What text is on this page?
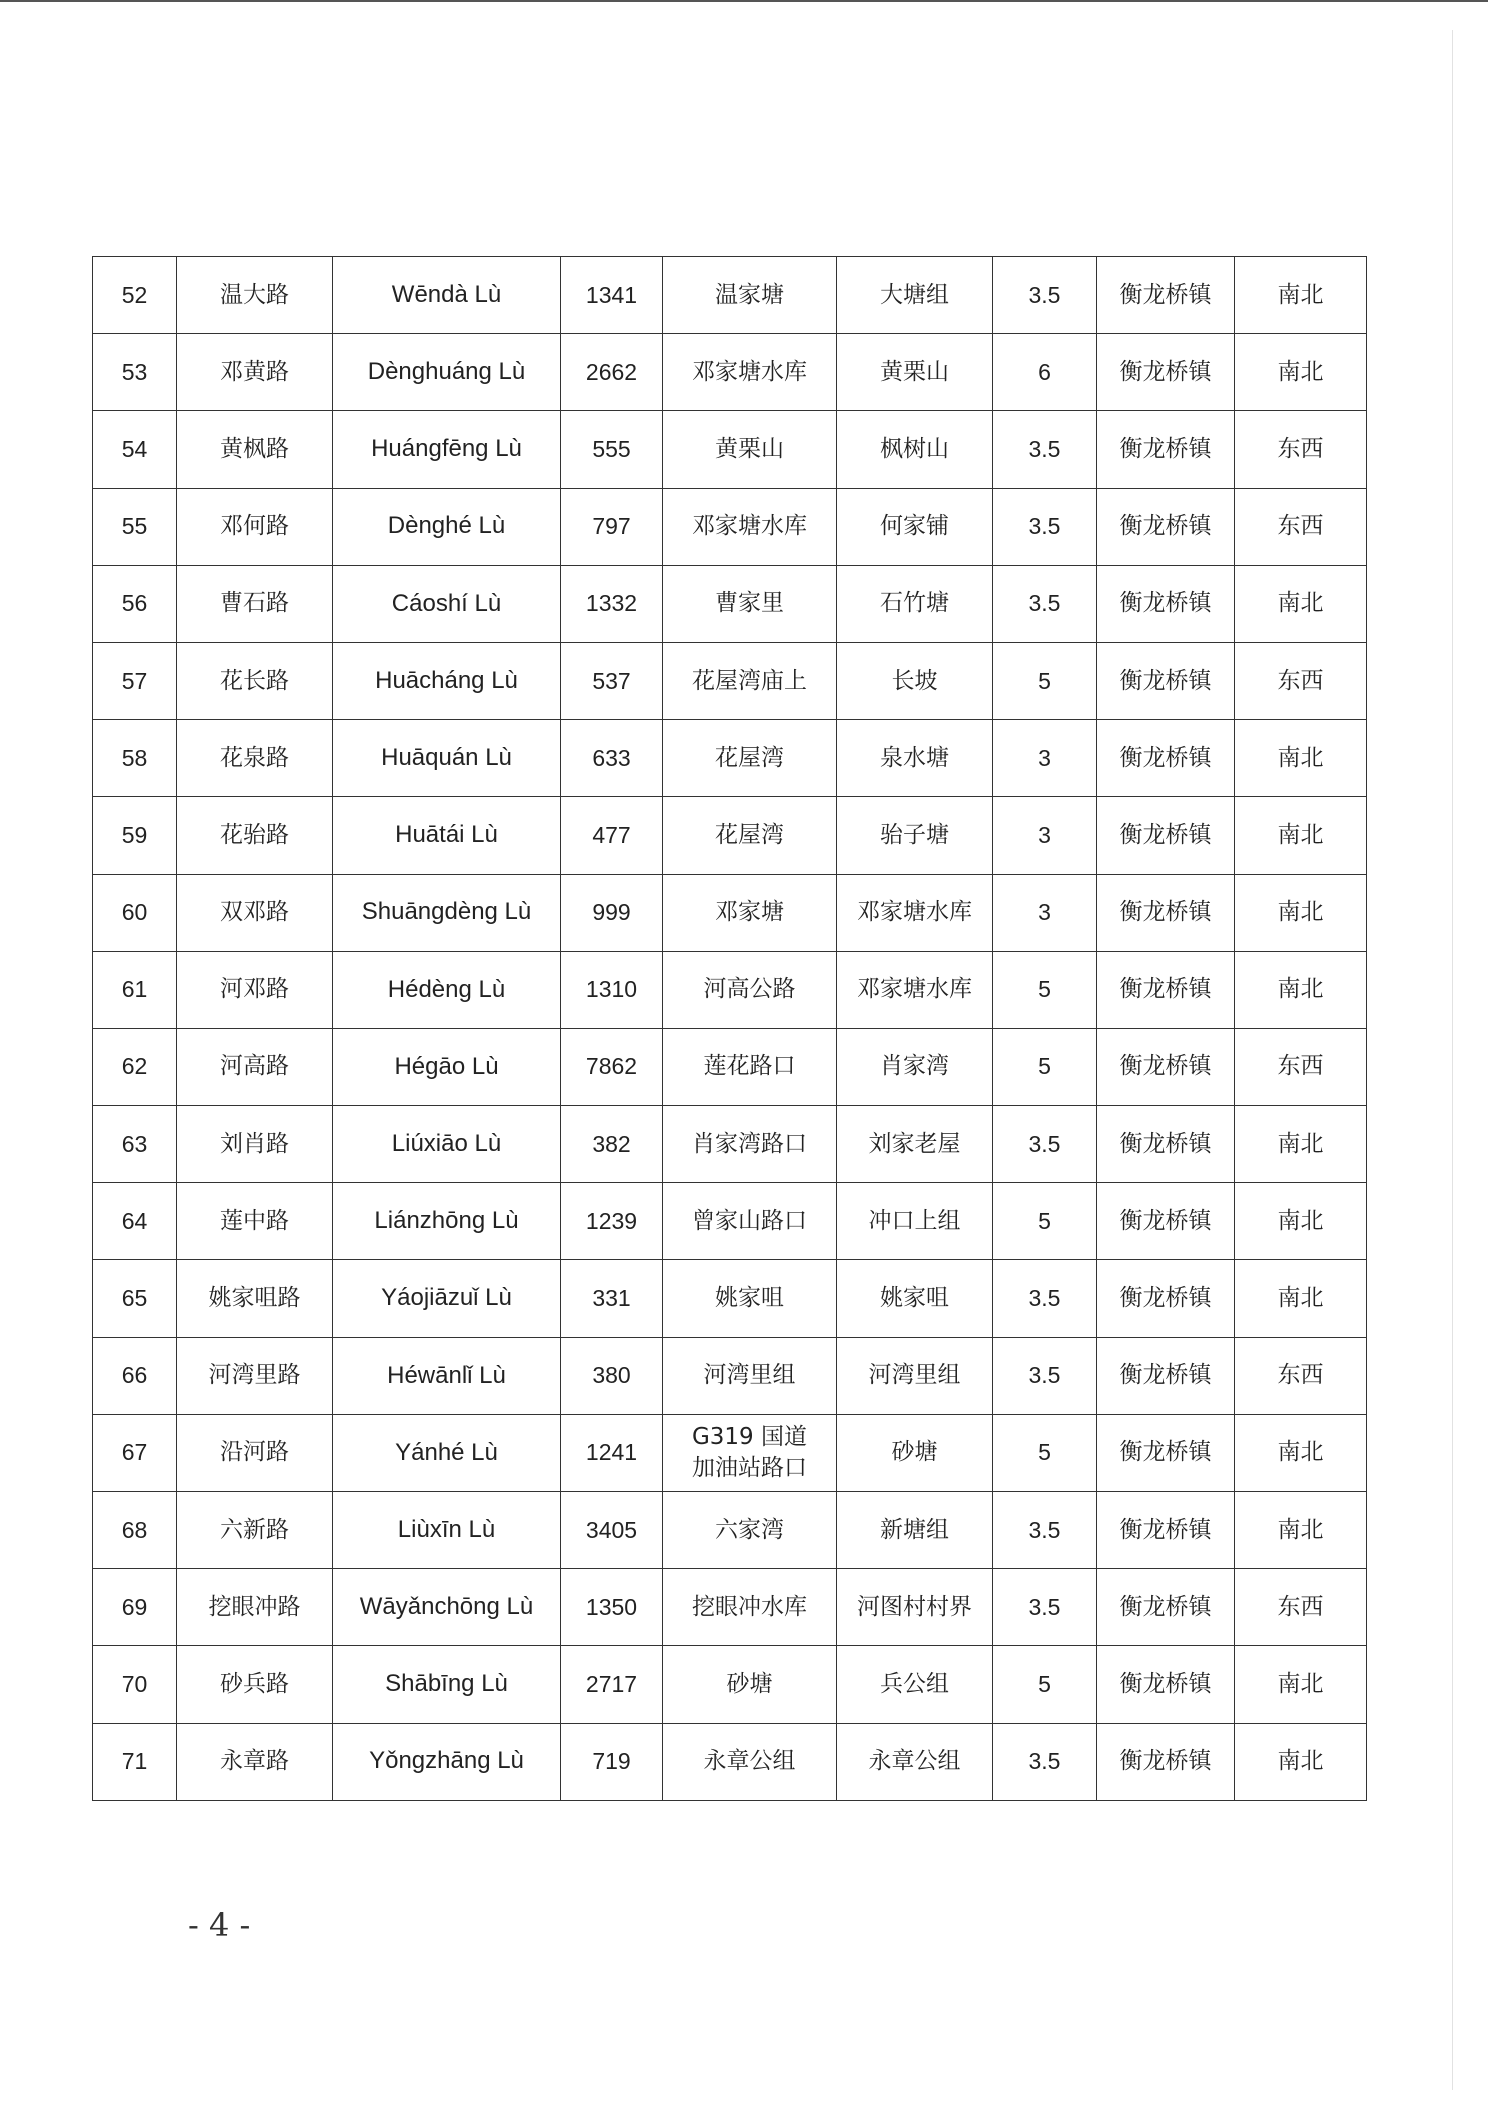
52	温大路	Wēndà Lù	1341	温家塘	大塘组	3.5	衡龙桥镇	南北
53	邓黄路	Dènghuáng Lù	2662	邓家塘水库	黄栗山	6	衡龙桥镇	南北
54	黄枫路	Huángfēng Lù	555	黄栗山	枫树山	3.5	衡龙桥镇	东西
55	邓何路	Dènghé Lù	797	邓家塘水库	何家铺	3.5	衡龙桥镇	东西
56	曹石路	Cáoshí Lù	1332	曹家里	石竹塘	3.5	衡龙桥镇	南北
57	花长路	Huācháng Lù	537	花屋湾庙上	长坡	5	衡龙桥镇	东西
58	花泉路	Huāquán Lù	633	花屋湾	泉水塘	3	衡龙桥镇	南北
59	花骀路	Huātái Lù	477	花屋湾	骀子塘	3	衡龙桥镇	南北
60	双邓路	Shuāngdèng Lù	999	邓家塘	邓家塘水库	3	衡龙桥镇	南北
61	河邓路	Hédèng Lù	1310	河高公路	邓家塘水库	5	衡龙桥镇	南北
62	河高路	Hégāo Lù	7862	莲花路口	肖家湾	5	衡龙桥镇	东西
63	刘肖路	Liúxiāo Lù	382	肖家湾路口	刘家老屋	3.5	衡龙桥镇	南北
64	莲中路	Liánzhōng Lù	1239	曾家山路口	冲口上组	5	衡龙桥镇	南北
65	姚家咀路	Yáojiāzuǐ Lù	331	姚家咀	姚家咀	3.5	衡龙桥镇	南北
66	河湾里路	Héwānlǐ Lù	380	河湾里组	河湾里组	3.5	衡龙桥镇	东西
67	沿河路	Yánhé Lù	1241	G319 国道
加油站路口	砂塘	5	衡龙桥镇	南北
68	六新路	Liùxīn Lù	3405	六家湾	新塘组	3.5	衡龙桥镇	南北
69	挖眼冲路	Wāyǎnchōng Lù	1350	挖眼冲水库	河图村村界	3.5	衡龙桥镇	东西
70	砂兵路	Shābīng Lù	2717	砂塘	兵公组	5	衡龙桥镇	南北
71	永章路	Yǒngzhāng Lù	719	永章公组	永章公组	3.5	衡龙桥镇	南北
- 4 -
